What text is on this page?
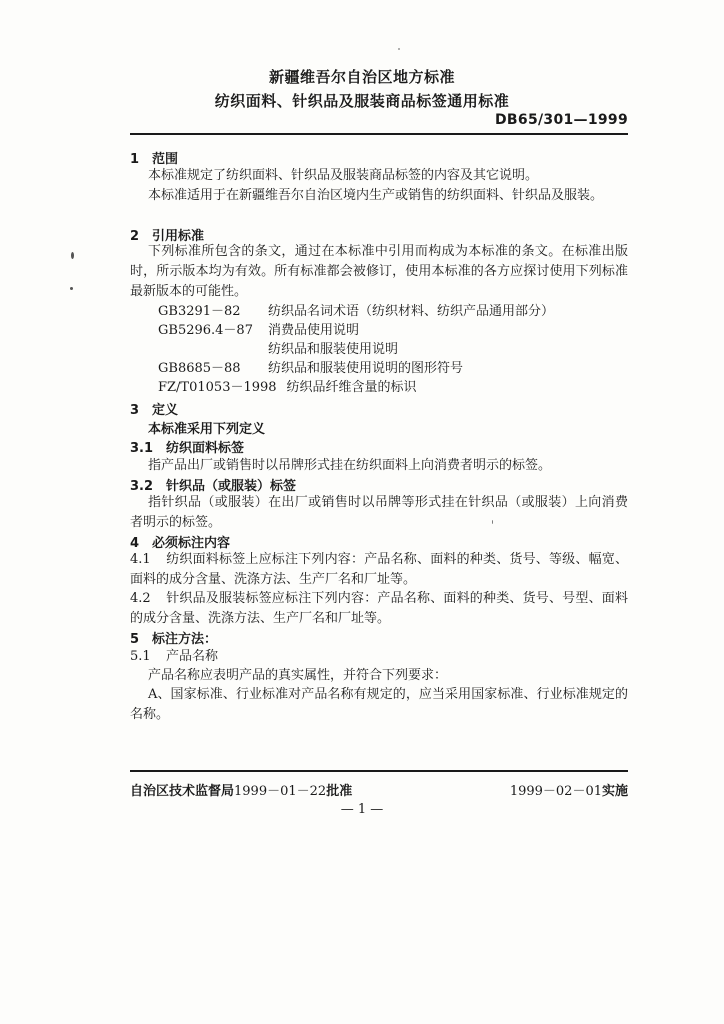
新疆维吾尔自治区地方标准
纺织面料、针织品及服装商品标签通用标准
DB65/301—1999
1 范围
本标准规定了纺织面料、针织品及服装商品标签的内容及其它说明。
本标准适用于在新疆维吾尔自治区境内生产或销售的纺织面料、针织品及服装。
2 引用标准
下列标准所包含的条文，通过在本标准中引用而构成为本标准的条文。在标准出版时，所示版本均为有效。所有标准都会被修订，使用本标准的各方应探讨使用下列标准最新版本的可能性。
GB3291－82 纺织品名词术语（纺织材料、纺织产品通用部分）
GB5296.4－87 消费品使用说明
纺织品和服装使用说明
GB8685－88 纺织品和服装使用说明的图形符号
FZ/T01053－1998 纺织品纤维含量的标识
3 定义
本标准采用下列定义
3.1 纺织面料标签
指产品出厂或销售时以吊牌形式挂在纺织面料上向消费者明示的标签。
3.2 针织品（或服装）标签
指针织品（或服装）在出厂或销售时以吊牌等形式挂在针织品（或服装）上向消费者明示的标签。
4 必须标注内容
4.1 纺织面料标签上应标注下列内容：产品名称、面料的种类、货号、等级、幅宽、面料的成分含量、洗涤方法、生产厂名和厂址等。
4.2 针织品及服装标签应标注下列内容：产品名称、面料的种类、货号、号型、面料的成分含量、洗涤方法、生产厂名和厂址等。
5 标注方法：
5.1 产品名称
产品名称应表明产品的真实属性，并符合下列要求：
A、国家标准、行业标准对产品名称有规定的，应当采用国家标准、行业标准规定的名称。
自治区技术监督局1999－01－22批准	1999－02－01实施
— 1 —
